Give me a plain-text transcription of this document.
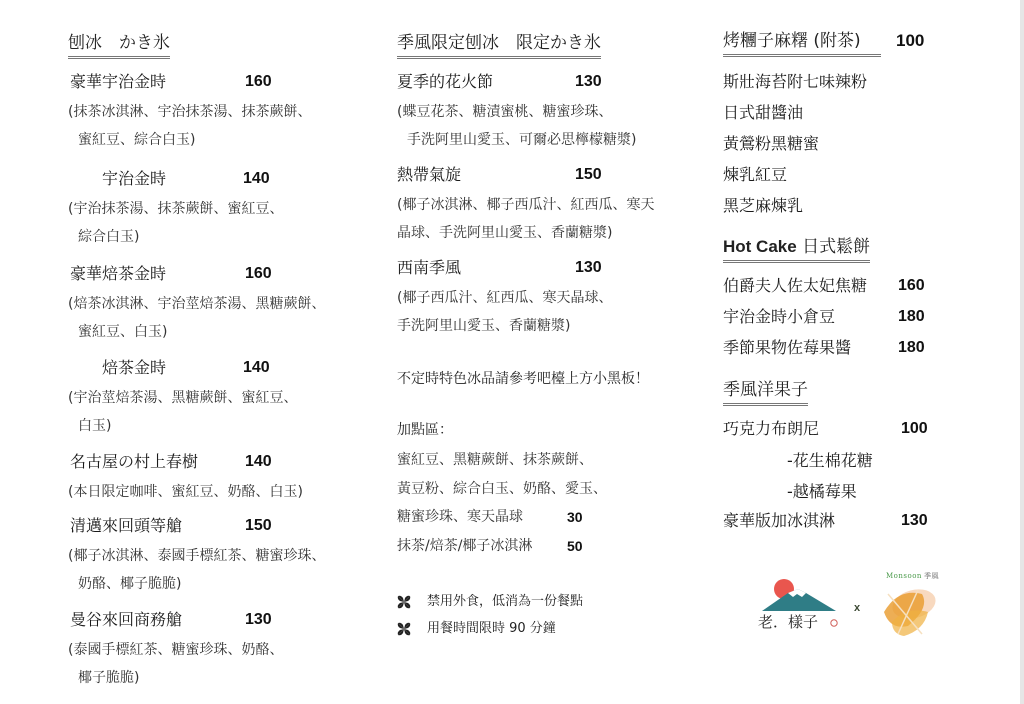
刨冰　かき氷
豪華宇治金時	160
(抹茶冰淇淋、宇治抹茶湯、抹茶蕨餅、
蜜紅豆、綜合白玉)
宇治金時	140
(宇治抹茶湯、抹茶蕨餅、蜜紅豆、
綜合白玉)
豪華焙茶金時	160
(焙茶冰淇淋、宇治莖焙茶湯、黑糖蕨餅、
蜜紅豆、白玉)
焙茶金時	140
(宇治莖焙茶湯、黑糖蕨餅、蜜紅豆、
白玉)
名古屋の村上春樹	140
(本日限定咖啡、蜜紅豆、奶酪、白玉)
清邁來回頭等艙	150
(椰子冰淇淋、泰國手標紅茶、糖蜜珍珠、
奶酪、椰子脆脆)
曼谷來回商務艙	130
(泰國手標紅茶、糖蜜珍珠、奶酪、
椰子脆脆)
季風限定刨冰　限定かき氷
夏季的花火節	130
(蝶豆花茶、糖漬蜜桃、糖蜜珍珠、
手洗阿里山愛玉、可爾必思檸檬糖漿)
熱帶氣旋	150
(椰子冰淇淋、椰子西瓜汁、紅西瓜、寒天
晶球、手洗阿里山愛玉、香蘭糖漿)
西南季風	130
(椰子西瓜汁、紅西瓜、寒天晶球、
手洗阿里山愛玉、香蘭糖漿)
不定時特色冰品請參考吧檯上方小黑板！
加點區：
蜜紅豆、黑糖蕨餅、抹茶蕨餅、
黃豆粉、綜合白玉、奶酪、愛玉、
糖蜜珍珠、寒天晶球	30
抹茶/焙茶/椰子冰淇淋 50
禁用外食，低消為一份餐點
用餐時間限時 90 分鐘
烤糰子麻糬 (附茶)	100
斯壯海苔附七味辣粉
日式甜醬油
黃鶯粉黑糖蜜
煉乳紅豆
黑芝麻煉乳
Hot Cake 日式鬆餅
伯爵夫人佐太妃焦糖 160
宇治金時小倉豆	180
季節果物佐莓果醬	180
季風洋果子
巧克力布朗尼	100
-花生棉花糖
-越橘莓果
豪華版加冰淇淋	130
老．樣子
x
Monsoon 季風
